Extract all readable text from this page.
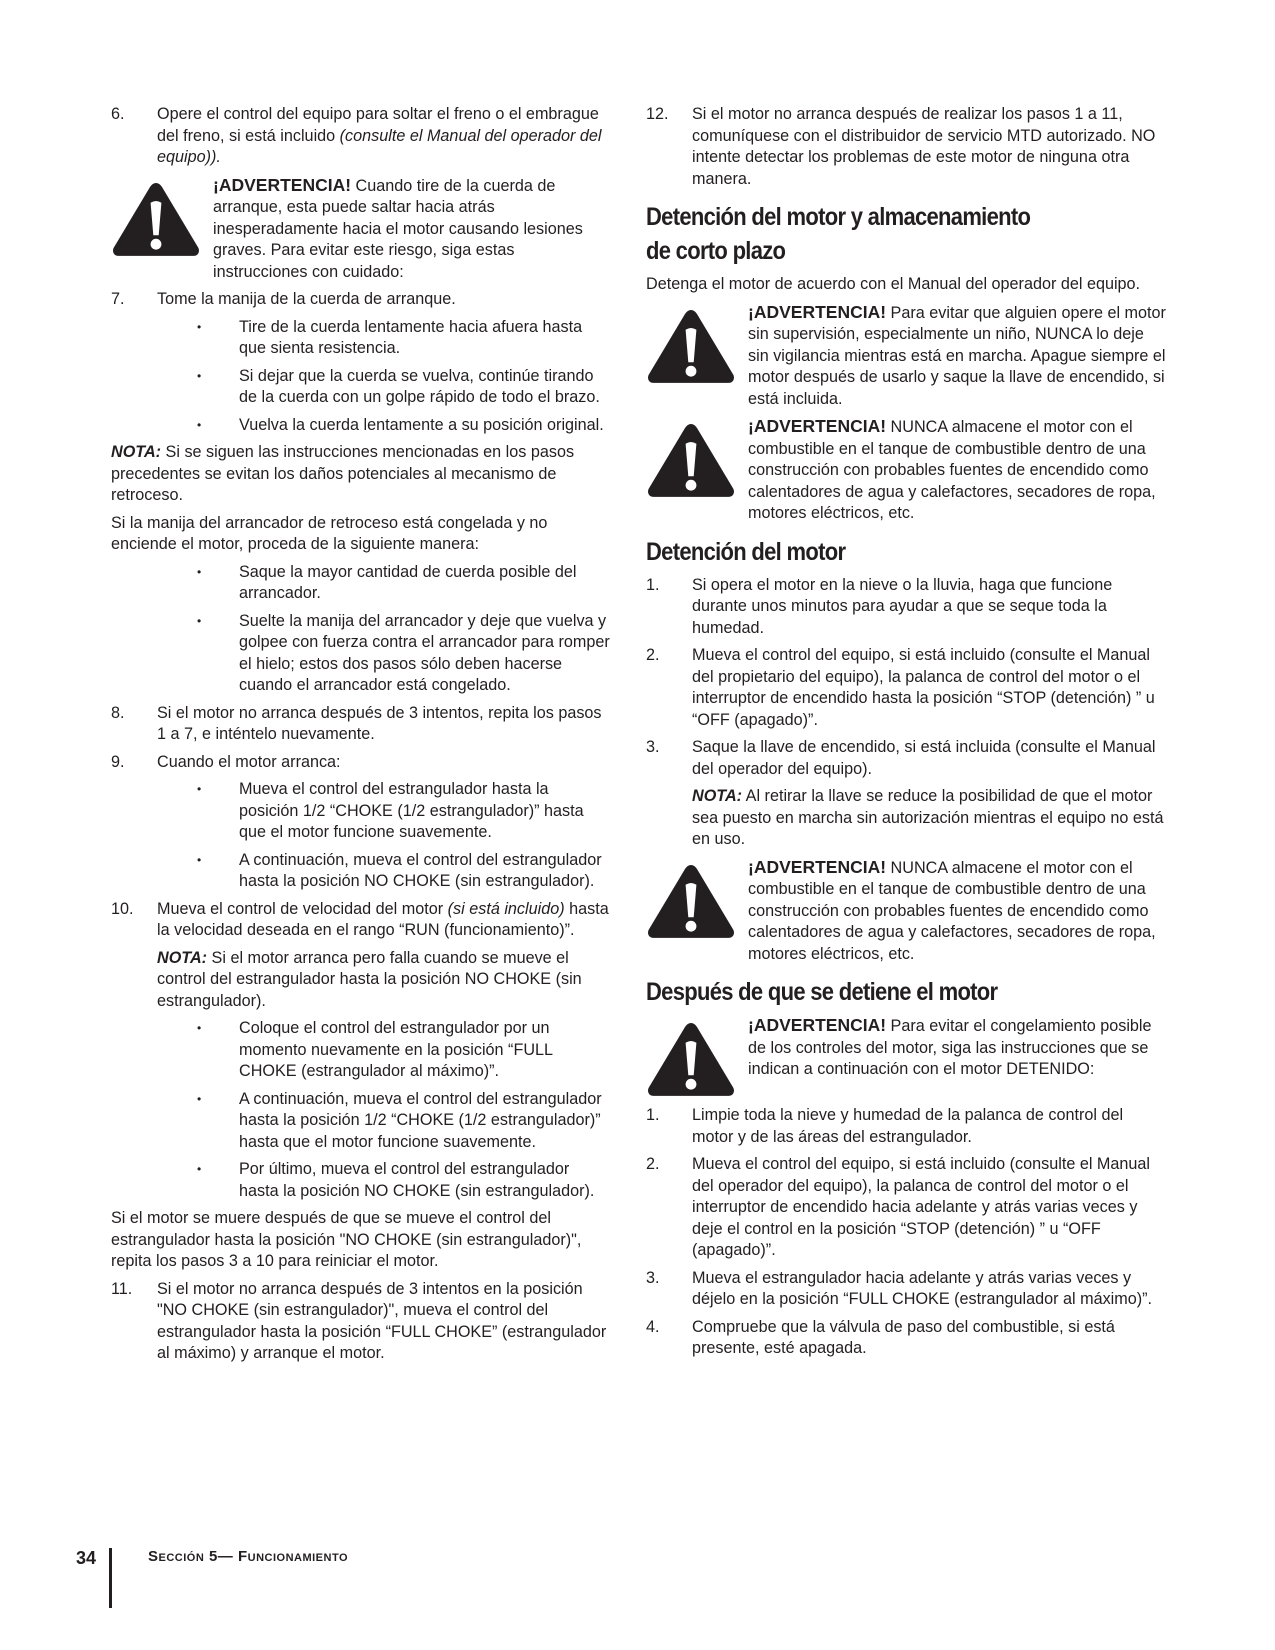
6.	Opere el control del equipo para soltar el freno o el embrague del freno, si está incluido (consulte el Manual del operador del equipo)).
¡ADVERTENCIA! Cuando tire de la cuerda de arranque, esta puede saltar hacia atrás inesperadamente hacia el motor causando lesiones graves. Para evitar este riesgo, siga estas instrucciones con cuidado:
7.	Tome la manija de la cuerda de arranque.
•	Tire de la cuerda lentamente hacia afuera hasta que sienta resistencia.
•	Si dejar que la cuerda se vuelva, continúe tirando de la cuerda con un golpe rápido de todo el brazo.
•	Vuelva la cuerda lentamente a su posición original.
NOTA: Si se siguen las instrucciones mencionadas en los pasos precedentes se evitan los daños potenciales al mecanismo de retroceso.
Si la manija del arrancador de retroceso está congelada y no enciende el motor, proceda de la siguiente manera:
•	Saque la mayor cantidad de cuerda posible del arrancador.
•	Suelte la manija del arrancador y deje que vuelva y golpee con fuerza contra el arrancador para romper el hielo; estos dos pasos sólo deben hacerse cuando el arrancador está congelado.
8.	Si el motor no arranca después de 3 intentos, repita los pasos 1 a 7, e inténtelo nuevamente.
9.	Cuando el motor arranca:
•	Mueva el control del estrangulador hasta la posición 1/2 “CHOKE (1/2 estrangulador)” hasta que el motor funcione suavemente.
•	A continuación, mueva el control del estrangulador hasta la posición NO CHOKE (sin estrangulador).
10.	Mueva el control de velocidad del motor (si está incluido) hasta la velocidad deseada en el rango “RUN (funcionamiento)”.
NOTA: Si el motor arranca pero falla cuando se mueve el control del estrangulador hasta la posición NO CHOKE (sin estrangulador).
•	Coloque el control del estrangulador por un momento nuevamente en la posición “FULL CHOKE (estrangulador al máximo)”.
•	A continuación, mueva el control del estrangulador hasta la posición 1/2 “CHOKE (1/2 estrangulador)” hasta que el motor funcione suavemente.
•	Por último, mueva el control del estrangulador hasta la posición NO CHOKE (sin estrangulador).
Si el motor se muere después de que se mueve el control del estrangulador hasta la posición "NO CHOKE (sin estrangulador)", repita los pasos 3 a 10 para reiniciar el motor.
11.	Si el motor no arranca después de 3 intentos en la posición "NO CHOKE (sin estrangulador)", mueva el control del estrangulador hasta la posición “FULL CHOKE” (estrangulador al máximo) y arranque el motor.
12.	Si el motor no arranca después de realizar los pasos 1 a 11, comuníquese con el distribuidor de servicio MTD autorizado. NO intente detectar los problemas de este motor de ninguna otra manera.
Detención del motor y almacenamiento
de corto plazo
Detenga el motor de acuerdo con el Manual del operador del equipo.
¡ADVERTENCIA! Para evitar que alguien opere el motor sin supervisión, especialmente un niño, NUNCA lo deje sin vigilancia mientras está en marcha. Apague siempre el motor después de usarlo y saque la llave de encendido, si está incluida.
¡ADVERTENCIA! NUNCA almacene el motor con el combustible en el tanque de combustible dentro de una construcción con probables fuentes de encendido como calentadores de agua y calefactores, secadores de ropa, motores eléctricos, etc.
Detención del motor
1.	Si opera el motor en la nieve o la lluvia, haga que funcione durante unos minutos para ayudar a que se seque toda la humedad.
2.	Mueva el control del equipo, si está incluido (consulte el Manual del propietario del equipo), la palanca de control del motor o el interruptor de encendido hasta la posición “STOP (detención) ” u “OFF (apagado)”.
3.	Saque la llave de encendido, si está incluida (consulte el Manual del operador del equipo).
NOTA: Al retirar la llave se reduce la posibilidad de que el motor sea puesto en marcha sin autorización mientras el equipo no está en uso.
¡ADVERTENCIA! NUNCA almacene el motor con el combustible en el tanque de combustible dentro de una construcción con probables fuentes de encendido como calentadores de agua y calefactores, secadores de ropa, motores eléctricos, etc.
Después de que se detiene el motor
¡ADVERTENCIA! Para evitar el congelamiento posible de los controles del motor, siga las instrucciones que se indican a continuación con el motor DETENIDO:
1.	Limpie toda la nieve y humedad de la palanca de control del motor y de las áreas del estrangulador.
2.	Mueva el control del equipo, si está incluido (consulte el Manual del operador del equipo), la palanca de control del motor o el interruptor de encendido hacia adelante y atrás varias veces y deje el control en la posición “STOP (detención) ” u “OFF (apagado)”.
3.	Mueva el estrangulador hacia adelante y atrás varias veces y déjelo en la posición “FULL CHOKE (estrangulador al máximo)”.
4.	Compruebe que la válvula de paso del combustible, si está presente, esté apagada.
34	Sección 5— Funcionamiento
